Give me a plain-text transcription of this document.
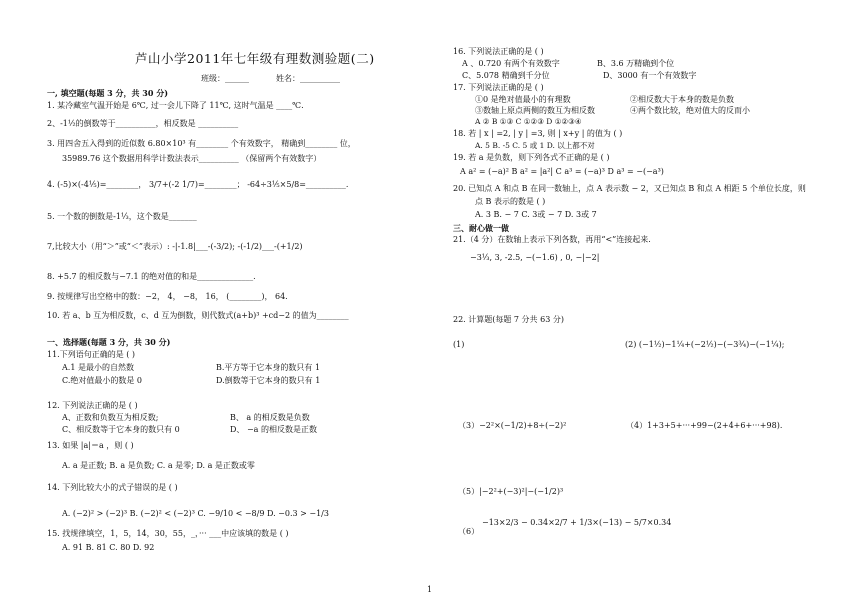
芦山小学2011年七年级有理数测验题(二)
班级：______	姓名：__________
一, 填空题(每题 3 分，共 30 分)
1. 某冷藏室气温开始是 6℃, 过一会儿下降了 11℃, 这时气温是 ____℃.
2、-1½的倒数等于__________，相反数是 __________
3. 用四舍五入得到的近似数 6.80×10³ 有________ 个有效数字， 精确到________ 位，
35989.76 这个数据用科学计数法表示__________ （保留两个有效数字）
4. (-5)×(-4⅕)=________， 3/7+(-2 1/7)=________； -64÷3⅕×5/8=__________.
5. 一个数的倒数是-1⅓，这个数是_______
7,比较大小（用“＞”或“＜”表示）: -|-1.8|___-(-3/2); -(-1/2)___-(+1/2)
8. +5.7 的相反数与−7.1 的绝对值的和是______________.
9. 按规律写出空格中的数：−2， 4， −8， 16， (________)， 64.
10. 若 a、b 互为相反数，c、d 互为倒数，则代数式(a+b)³ +cd−2 的值为________
一、选择题(每题 3 分，共 30 分)
11.下列语句正确的是 ( )
A.1 是最小的自然数	B.平方等于它本身的数只有 1
C.绝对值最小的数是 0	D.倒数等于它本身的数只有 1
12. 下列说法正确的是 ( )
A、正数和负数互为相反数;	B、 a 的相反数是负数
C、相反数等于它本身的数只有 0	D、 −a 的相反数是正数
13. 如果 |a|＝a ，则 ( )
A. a 是正数; B. a 是负数; C. a 是零; D. a 是正数或零
14. 下列比较大小的式子错误的是 ( )
A. (−2)² > (−2)³ B. (−2)² < (−2)³ C. −9/10 < −8/9 D. −0.3 > −1/3
15. 找规律填空，1，5，14，30，55，_，··· ___中应该填的数是 ( )
A. 91 B. 81 C. 80 D. 92
16. 下列说法正确的是 ( )
A 、0.720 有两个有效数字	B、3.6 万精确到个位
C、5.078 精确到千分位	D、3000 有一个有效数字
17. 下列说法正确的是 ( )
①0 是绝对值最小的有理数	②相反数大于本身的数是负数
③数轴上原点两侧的数互为相反数	④两个数比较，绝对值大的反而小
A ② B ①③ C ①②③ D ①②③④
18. 若 | x | =2, | y | =3, 则 | x+y | 的值为 ( )
A. 5 B. -5 C. 5 或 1 D. 以上都不对
19. 若 a 是负数，则下列各式不正确的是 ( )
A a² = (−a)² B a² = |a²| C a³ = (−a)³ D a³ = −(−a³)
20. 已知点 A 和点 B 在同一数轴上，点 A 表示数 − 2，又已知点 B 和点 A 相距 5 个单位长度，则
点 B 表示的数是 ( )
A. 3 B. − 7 C. 3或 − 7 D. 3或 7
三、耐心做一做
21.（4 分）在数轴上表示下列各数，再用“<”连接起来.
−3⅓, 3, -2.5, −(−1.6) , 0, −|−2|
22. 计算题(每题 7 分共 63 分)
(1)	(2) (−1½)−1¼+(−2½)−(−3¾)−(−1¼);
（3）−2²×(−1/2)+8÷(−2)²	（4）1+3+5+···+99−(2+4+6+···+98).
（5）|−2²+(−3)²|−(−1/2)³
−13×2/3 − 0.34×2/7 + 1/3×(−13) − 5/7×0.34
（6）
1
